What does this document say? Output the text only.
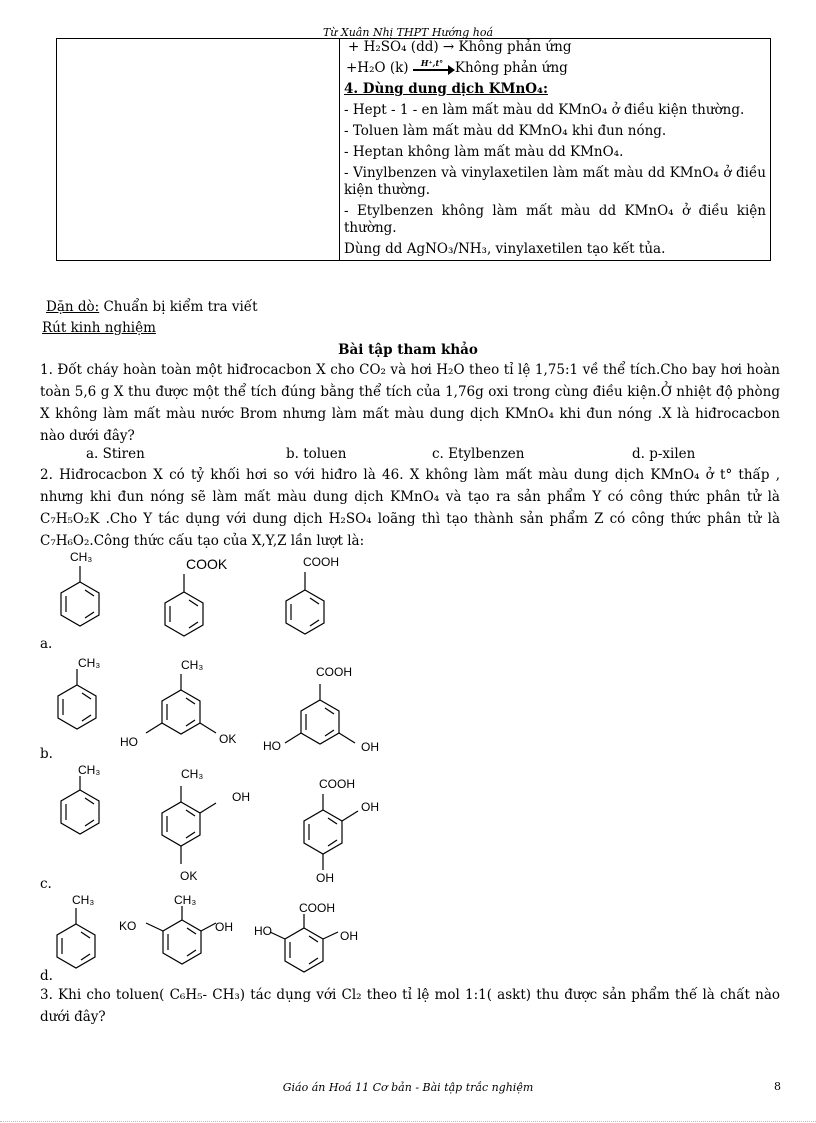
Từ Xuân Nhị THPT Hướng hoá

+ H₂SO₄ (dd) → Không phản ứng

+H₂O (k) H⁺,t° Không phản ứng

4. Dùng dung dịch KMnO₄:

- Hept - 1 - en làm mất màu dd KMnO₄ ở điều kiện thường.

- Toluen làm mất màu dd KMnO₄ khi đun nóng.

- Heptan không làm mất màu dd KMnO₄.

- Vinylbenzen và vinylaxetilen làm mất màu dd KMnO₄ ở điều kiện thường.

- Etylbenzen không làm mất màu dd KMnO₄ ở điều kiện thường.

Dùng dd AgNO₃/NH₃, vinylaxetilen tạo kết tủa.

Dặn dò: Chuẩn bị kiểm tra viết
Rút kinh nghiệm
Bài tập tham khảo

1. Đốt cháy hoàn toàn một hiđrocacbon X cho CO₂ và hơi H₂O theo tỉ lệ 1,75:1 về thể tích.Cho bay hơi hoàn toàn 5,6 g X thu được một thể tích đúng bằng thể tích của 1,76g oxi trong cùng điều kiện.Ở nhiệt độ phòng X không làm mất màu nước Brom nhưng làm mất màu dung dịch KMnO₄ khi đun nóng .X là hiđrocacbon nào dưới đây?

a. Stiren	b. toluen	c. Etylbenzen	d. p-xilen

2. Hiđrocacbon X có tỷ khối hơi so với hiđro là 46. X không làm mất màu dung dịch KMnO₄ ở t° thấp , nhưng khi đun nóng sẽ làm mất màu dung dịch KMnO₄ và tạo ra sản phẩm Y có công thức phân tử là C₇H₅O₂K .Cho Y tác dụng với dung dịch H₂SO₄ loãng thì tạo thành sản phẩm Z có công thức phân tử là C₇H₆O₂.Công thức cấu tạo của X,Y,Z lần lượt là:

a.
b.
c.
d.
CH₃	COOK	COOH
CH₃	CH₃
HO	OK
COOH
HO	OH
CH₃	CH₃
OH
OK
COOH
OH
OH
CH₃	CH₃
KO	OH
COOH
HO	OH

3. Khi cho toluen( C₆H₅- CH₃) tác dụng với Cl₂ theo tỉ lệ mol 1:1( askt) thu được sản phẩm thế là chất nào dưới đây?

Giáo án Hoá 11 Cơ bản - Bài tập trắc nghiệm	8
